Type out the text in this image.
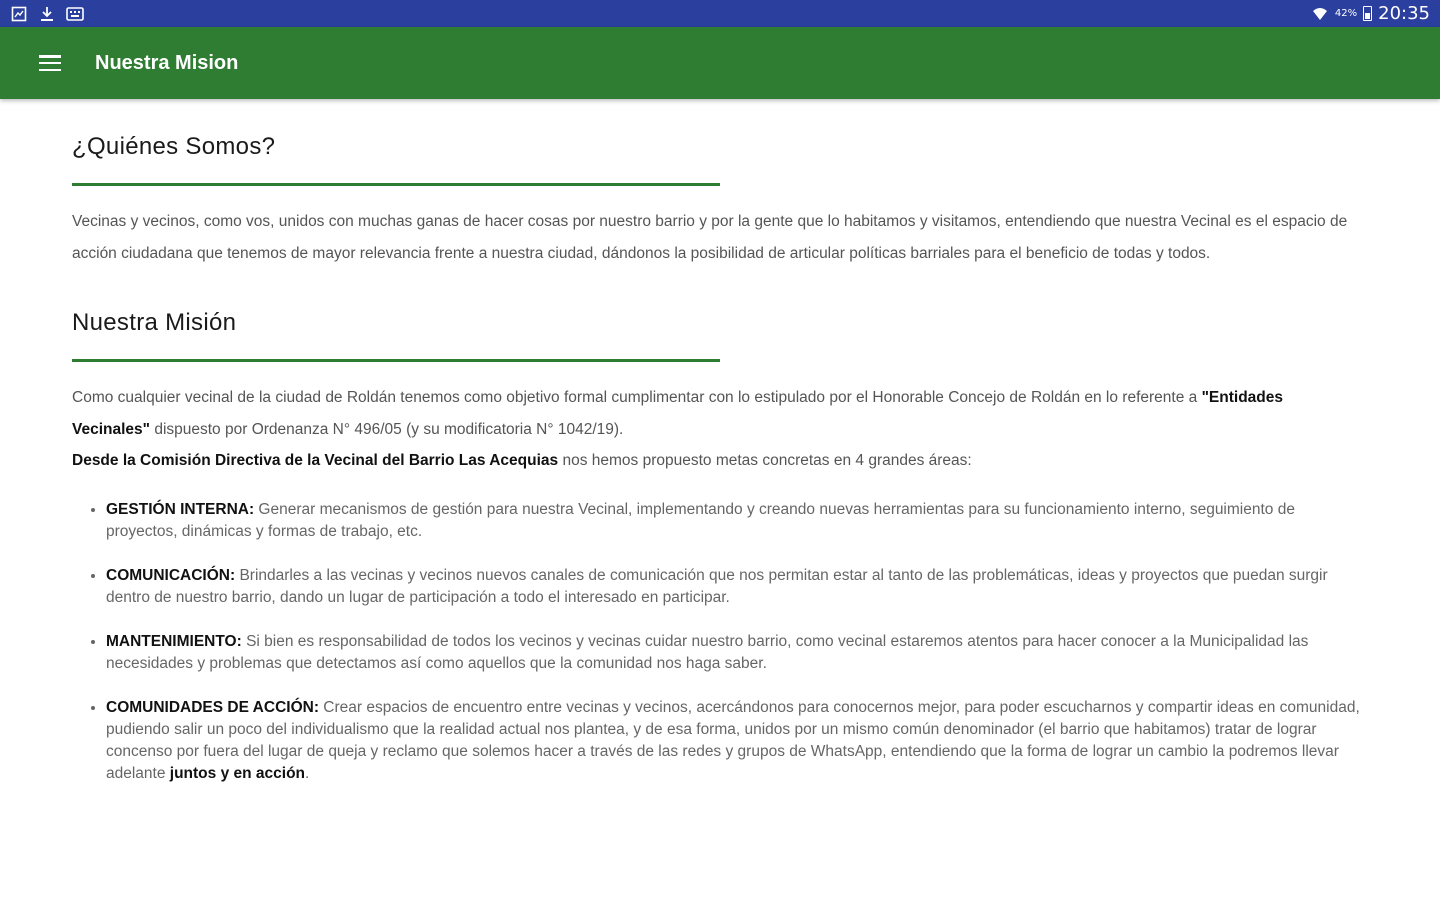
42% 20:35
Nuestra Mision
¿Quiénes Somos?
Vecinas y vecinos, como vos, unidos con muchas ganas de hacer cosas por nuestro barrio y por la gente que lo habitamos y visitamos, entendiendo que nuestra Vecinal es el espacio de acción ciudadana que tenemos de mayor relevancia frente a nuestra ciudad, dándonos la posibilidad de articular políticas barriales para el beneficio de todas y todos.
Nuestra Misión
Como cualquier vecinal de la ciudad de Roldán tenemos como objetivo formal cumplimentar con lo estipulado por el Honorable Concejo de Roldán en lo referente a "Entidades Vecinales" dispuesto por Ordenanza N° 496/05 (y su modificatoria N° 1042/19).
Desde la Comisión Directiva de la Vecinal del Barrio Las Acequias nos hemos propuesto metas concretas en 4 grandes áreas:
• GESTIÓN INTERNA: Generar mecanismos de gestión para nuestra Vecinal, implementando y creando nuevas herramientas para su funcionamiento interno, seguimiento de proyectos, dinámicas y formas de trabajo, etc.
• COMUNICACIÓN: Brindarles a las vecinas y vecinos nuevos canales de comunicación que nos permitan estar al tanto de las problemáticas, ideas y proyectos que puedan surgir dentro de nuestro barrio, dando un lugar de participación a todo el interesado en participar.
• MANTENIMIENTO: Si bien es responsabilidad de todos los vecinos y vecinas cuidar nuestro barrio, como vecinal estaremos atentos para hacer conocer a la Municipalidad las necesidades y problemas que detectamos así como aquellos que la comunidad nos haga saber.
• COMUNIDADES DE ACCIÓN: Crear espacios de encuentro entre vecinas y vecinos, acercándonos para conocernos mejor, para poder escucharnos y compartir ideas en comunidad, pudiendo salir un poco del individualismo que la realidad actual nos plantea, y de esa forma, unidos por un mismo común denominador (el barrio que habitamos) tratar de lograr concenso por fuera del lugar de queja y reclamo que solemos hacer a través de las redes y grupos de WhatsApp, entendiendo que la forma de lograr un cambio la podremos llevar adelante juntos y en acción.
